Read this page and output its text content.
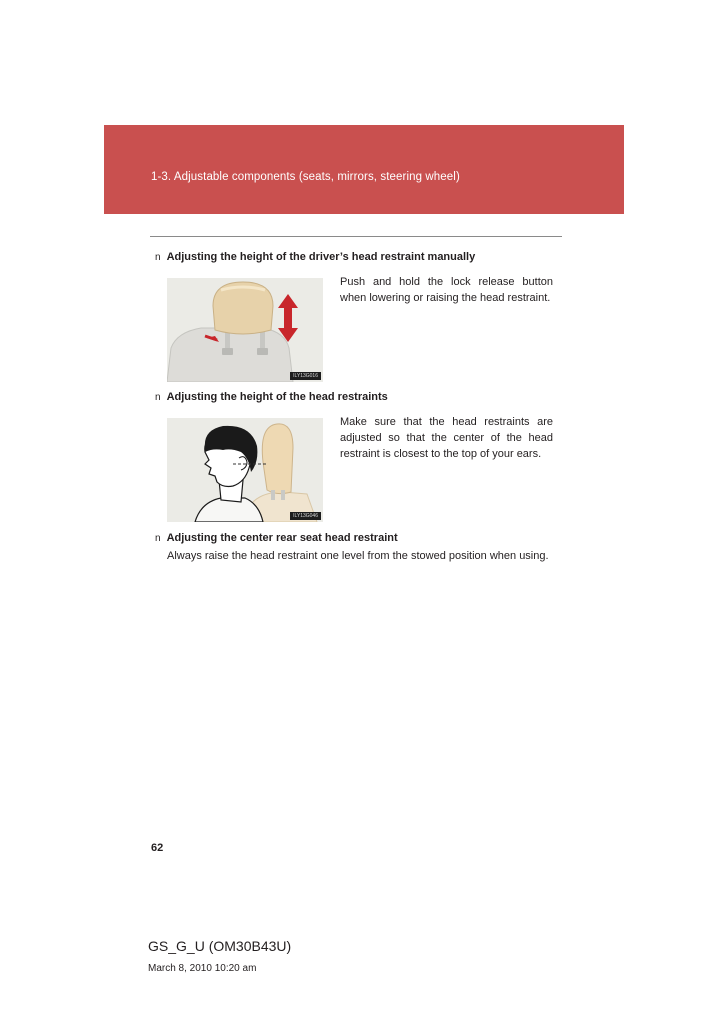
1-3. Adjustable components (seats, mirrors, steering wheel)
n Adjusting the height of the driver’s head restraint manually
ILY13G016
Push and hold the lock release button when lowering or raising the head restraint.
n Adjusting the height of the head restraints
ILY13G046
Make sure that the head restraints are adjusted so that the center of the head restraint is closest to the top of your ears.
n Adjusting the center rear seat head restraint
Always raise the head restraint one level from the stowed position when using.
62
GS_G_U (OM30B43U)
March 8, 2010 10:20 am
